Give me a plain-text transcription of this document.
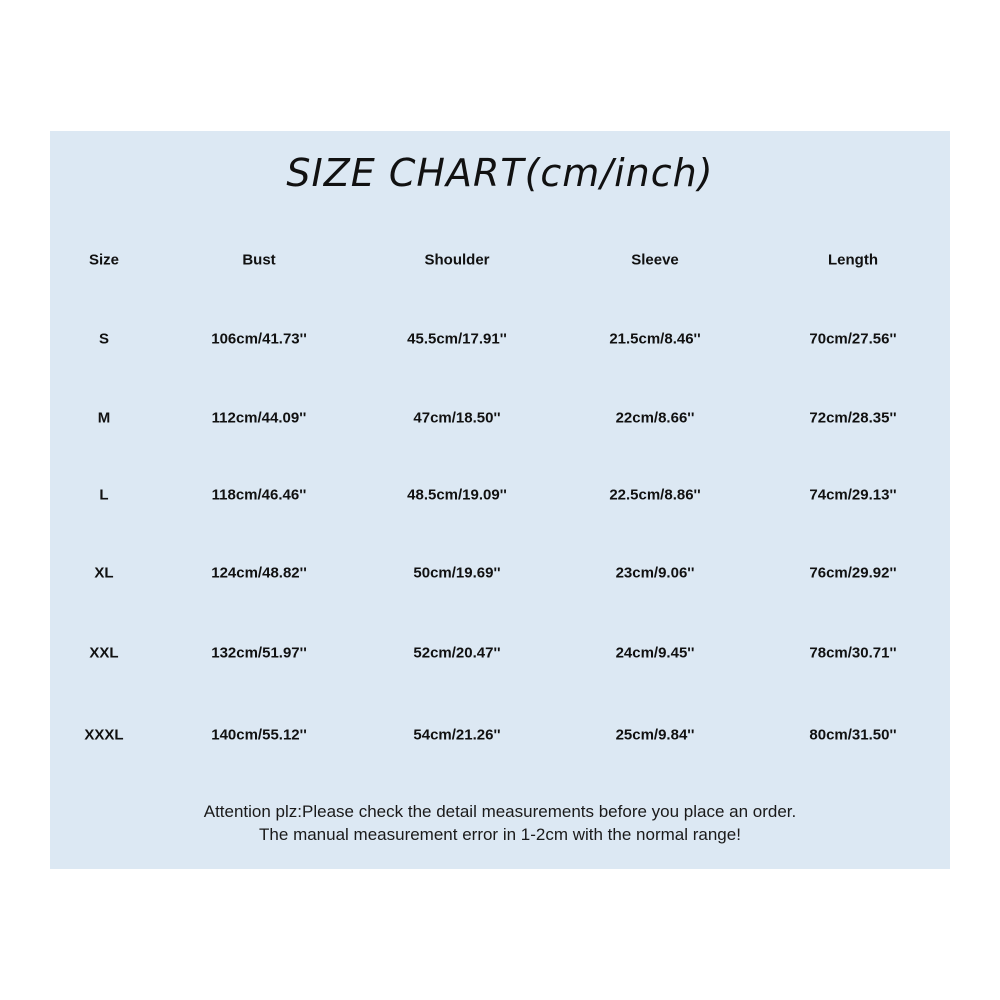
SIZE CHART(cm/inch)
Size	Bust	Shoulder	Sleeve	Length
S	106cm/41.73''	45.5cm/17.91''	21.5cm/8.46''	70cm/27.56''
M	112cm/44.09''	47cm/18.50''	22cm/8.66''	72cm/28.35''
L	118cm/46.46''	48.5cm/19.09''	22.5cm/8.86''	74cm/29.13''
XL	124cm/48.82''	50cm/19.69''	23cm/9.06''	76cm/29.92''
XXL	132cm/51.97''	52cm/20.47''	24cm/9.45''	78cm/30.71''
XXXL	140cm/55.12''	54cm/21.26''	25cm/9.84''	80cm/31.50''
Attention plz:Please check the detail measurements before you place an order.
The manual measurement error in 1-2cm with the normal range!
